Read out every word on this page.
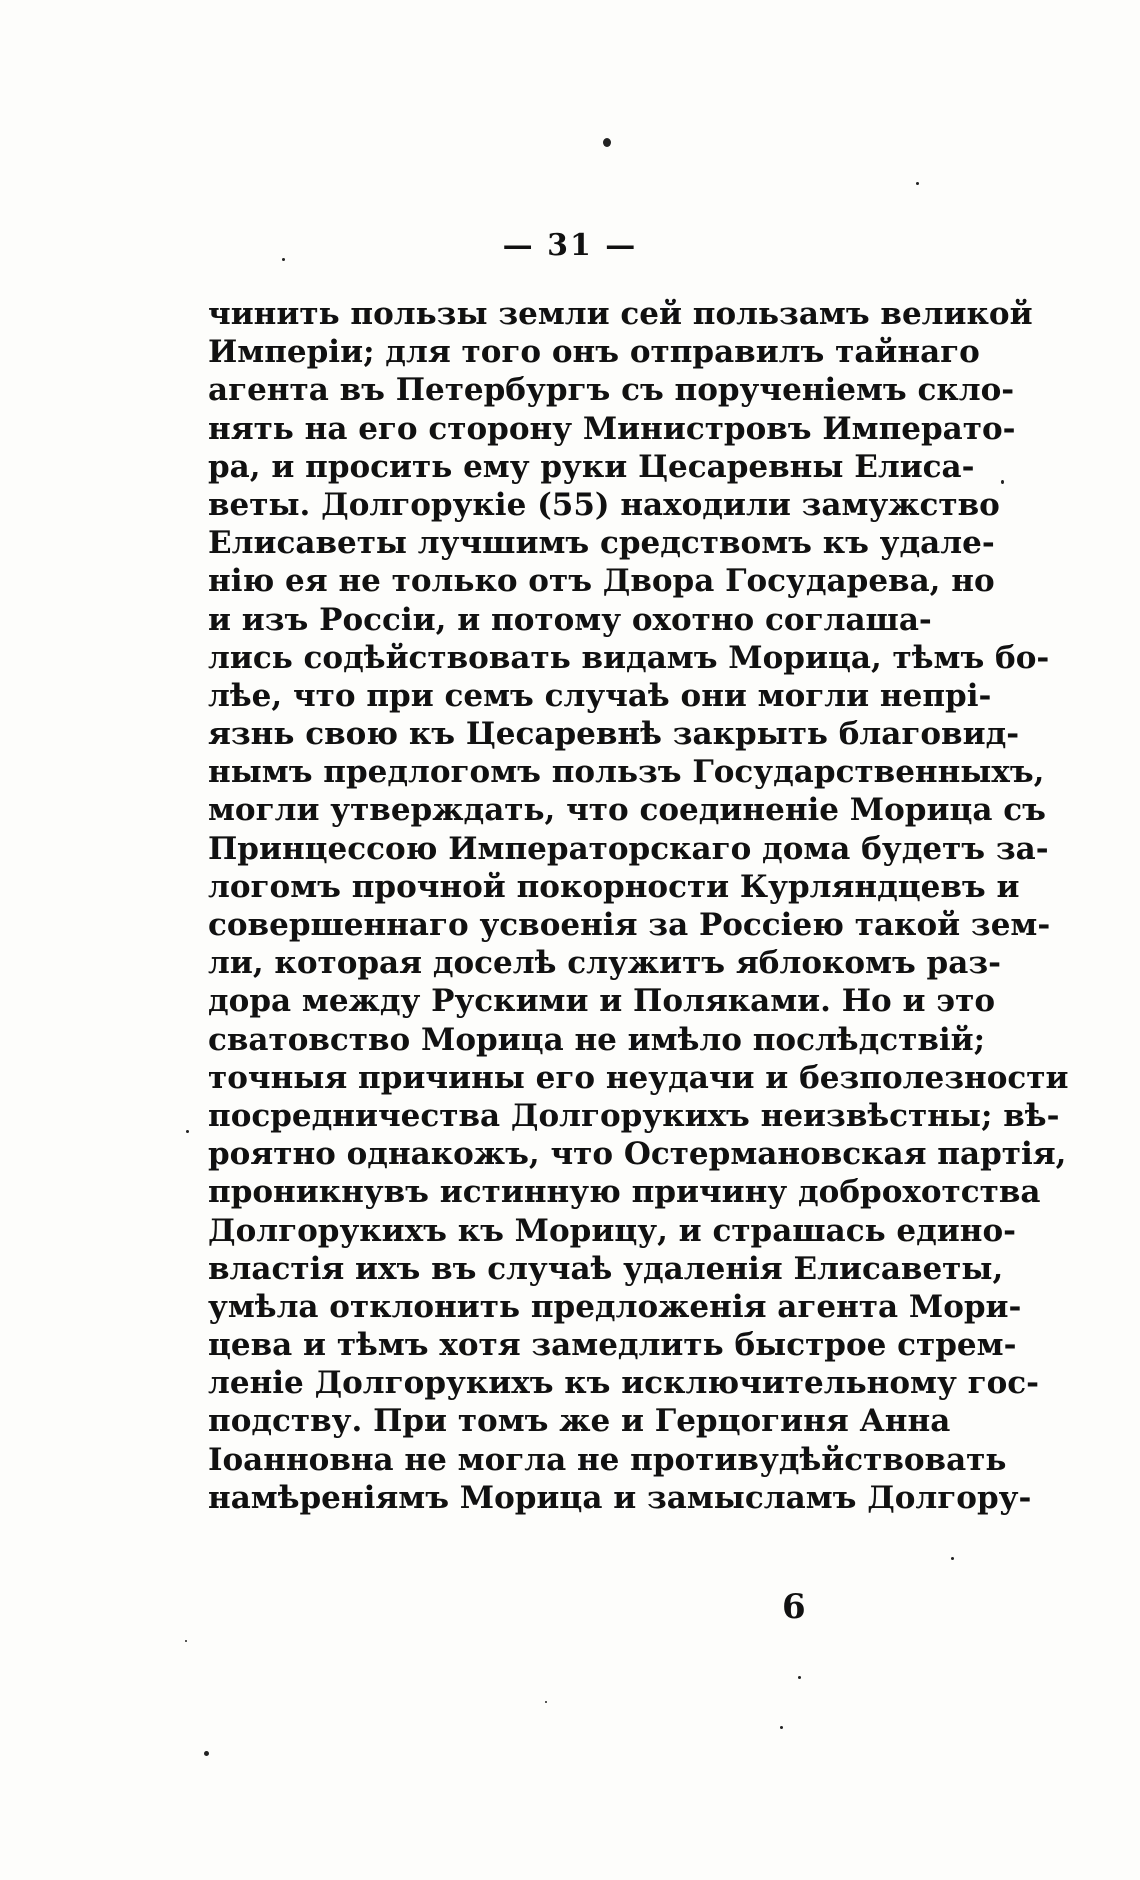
— 31 —
чинить пользы земли сей пользамъ великой
Имперіи; для того онъ отправилъ тайнаго
агента въ Петербургъ съ порученіемъ скло-
нять на его сторону Министровъ Императо-
ра, и просить ему руки Цесаревны Елиса-
веты. Долгорукіе (55) находили замужство
Елисаветы лучшимъ средствомъ къ удале-
нію ея не только отъ Двора Государева, но
и изъ Россіи, и потому охотно соглаша-
лись содѣйствовать видамъ Морица, тѣмъ бо-
лѣе, что при семъ случаѣ они могли непрі-
язнь свою къ Цесаревнѣ закрыть благовид-
нымъ предлогомъ пользъ Государственныхъ,
могли утверждать, что соединеніе Морица съ
Принцессою Императорскаго дома будетъ за-
логомъ прочной покорности Курляндцевъ и
совершеннаго усвоенія за Россіею такой зем-
ли, которая доселѣ служитъ яблокомъ раз-
дора между Рускими и Поляками. Но и это
сватовство Морица не имѣло послѣдствій;
точныя причины его неудачи и безполезности
посредничества Долгорукихъ неизвѣстны; вѣ-
роятно однакожъ, что Остермановская партія,
проникнувъ истинную причину доброхотства
Долгорукихъ къ Морицу, и страшась едино-
властія ихъ въ случаѣ удаленія Елисаветы,
умѣла отклонить предложенія агента Мори-
цева и тѣмъ хотя замедлить быстрое стрем-
леніе Долгорукихъ къ исключительному гос-
подству. При томъ же и Герцогиня Анна
Іоанновна не могла не противудѣйствовать
намѣреніямъ Морица и замысламъ Долгору-
6
